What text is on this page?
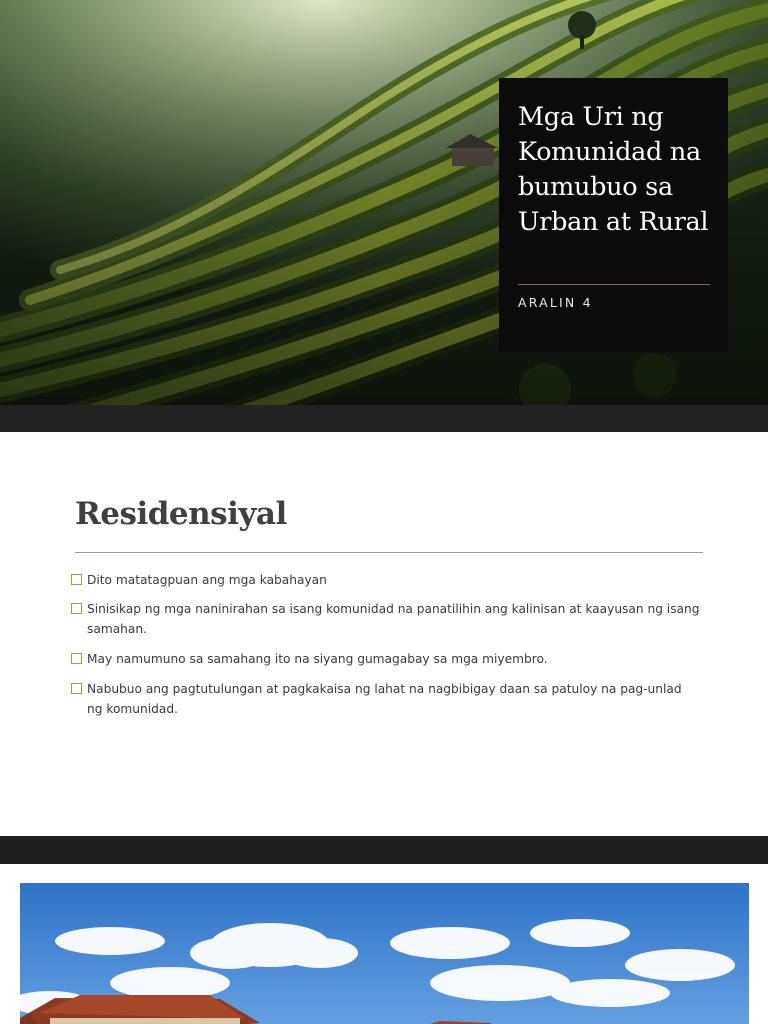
Mga Uri ng Komunidad na bumubuo sa Urban at Rural
ARALIN 4
Residensiyal
Dito matatagpuan ang mga kabahayan
Sinisikap ng mga naninirahan sa isang komunidad na panatilihin ang kalinisan at kaayusan ng isang samahan.
May namumuno sa samahang ito na siyang gumagabay sa mga miyembro.
Nabubuo ang pagtutulungan at pagkakaisa ng lahat na nagbibigay daan sa patuloy na pag-unlad ng komunidad.
